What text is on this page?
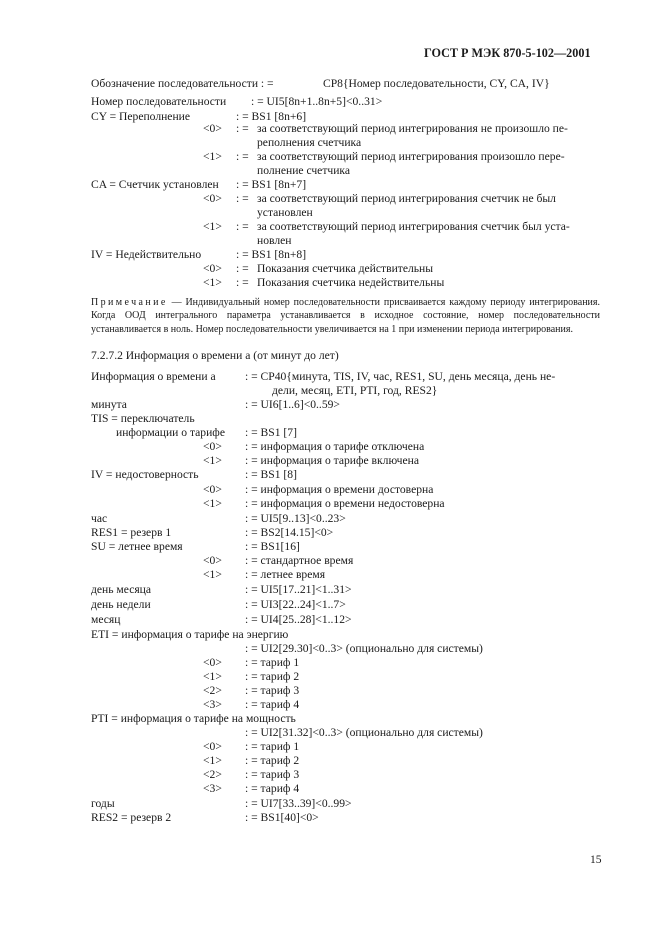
ГОСТ Р МЭК 870-5-102—2001
Обозначение последовательности : =	CP8{Номер последовательности, CY, CA, IV}
Номер последовательности : = UI5[8n+1..8n+5]<0..31>
CY = Переполнение	: = BS1 [8n+6]
<0> : = за соответствующий период интегрирования не произошло пе-
реполнения счетчика
<1> : = за соответствующий период интегрирования произошло пере-
полнение счетчика
CA = Счетчик установлен : = BS1 [8n+7]
<0> : = за соответствующий период интегрирования счетчик не был
установлен
<1> : = за соответствующий период интегрирования счетчик был уста-
новлен
IV = Недействительно	: = BS1 [8n+8]
<0> : = Показания счетчика действительны
<1> : = Показания счетчика недействительны
Примечание — Индивидуальный номер последовательности присваивается каждому периоду интегрирования. Когда ООД интегрального параметра устанавливается в исходное состояние, номер последовательности устанавливается в ноль. Номер последовательности увеличивается на 1 при изменении периода интегрирования.
7.2.7.2 Информация о времени а (от минут до лет)
Информация о времени а	: = CP40{минута, TIS, IV, час, RES1, SU, день месяца, день не-
дели, месяц, ETI, PTI, год, RES2}
минута	: = UI6[1..6]<0..59>
TIS = переключатель
информации о тарифе : = BS1 [7]
<0> : = информация о тарифе отключена
<1> : = информация о тарифе включена
IV = недостоверность	: = BS1 [8]
<0> : = информация о времени достоверна
<1> : = информация о времени недостоверна
час	: = UI5[9..13]<0..23>
RES1 = резерв 1	: = BS2[14.15]<0>
SU = летнее время	: = BS1[16]
<0> : = стандартное время
<1> : = летнее время
день месяца	: = UI5[17..21]<1..31>
день недели	: = UI3[22..24]<1..7>
месяц	: = UI4[25..28]<1..12>
ETI = информация о тарифе на энергию
: = UI2[29.30]<0..3> (опционально для системы)
<0> : = тариф 1
<1> : = тариф 2
<2> : = тариф 3
<3> : = тариф 4
PTI = информация о тарифе на мощность
: = UI2[31.32]<0..3> (опционально для системы)
<0> : = тариф 1
<1> : = тариф 2
<2> : = тариф 3
<3> : = тариф 4
годы	: = UI7[33..39]<0..99>
RES2 = резерв 2	: = BS1[40]<0>
15
